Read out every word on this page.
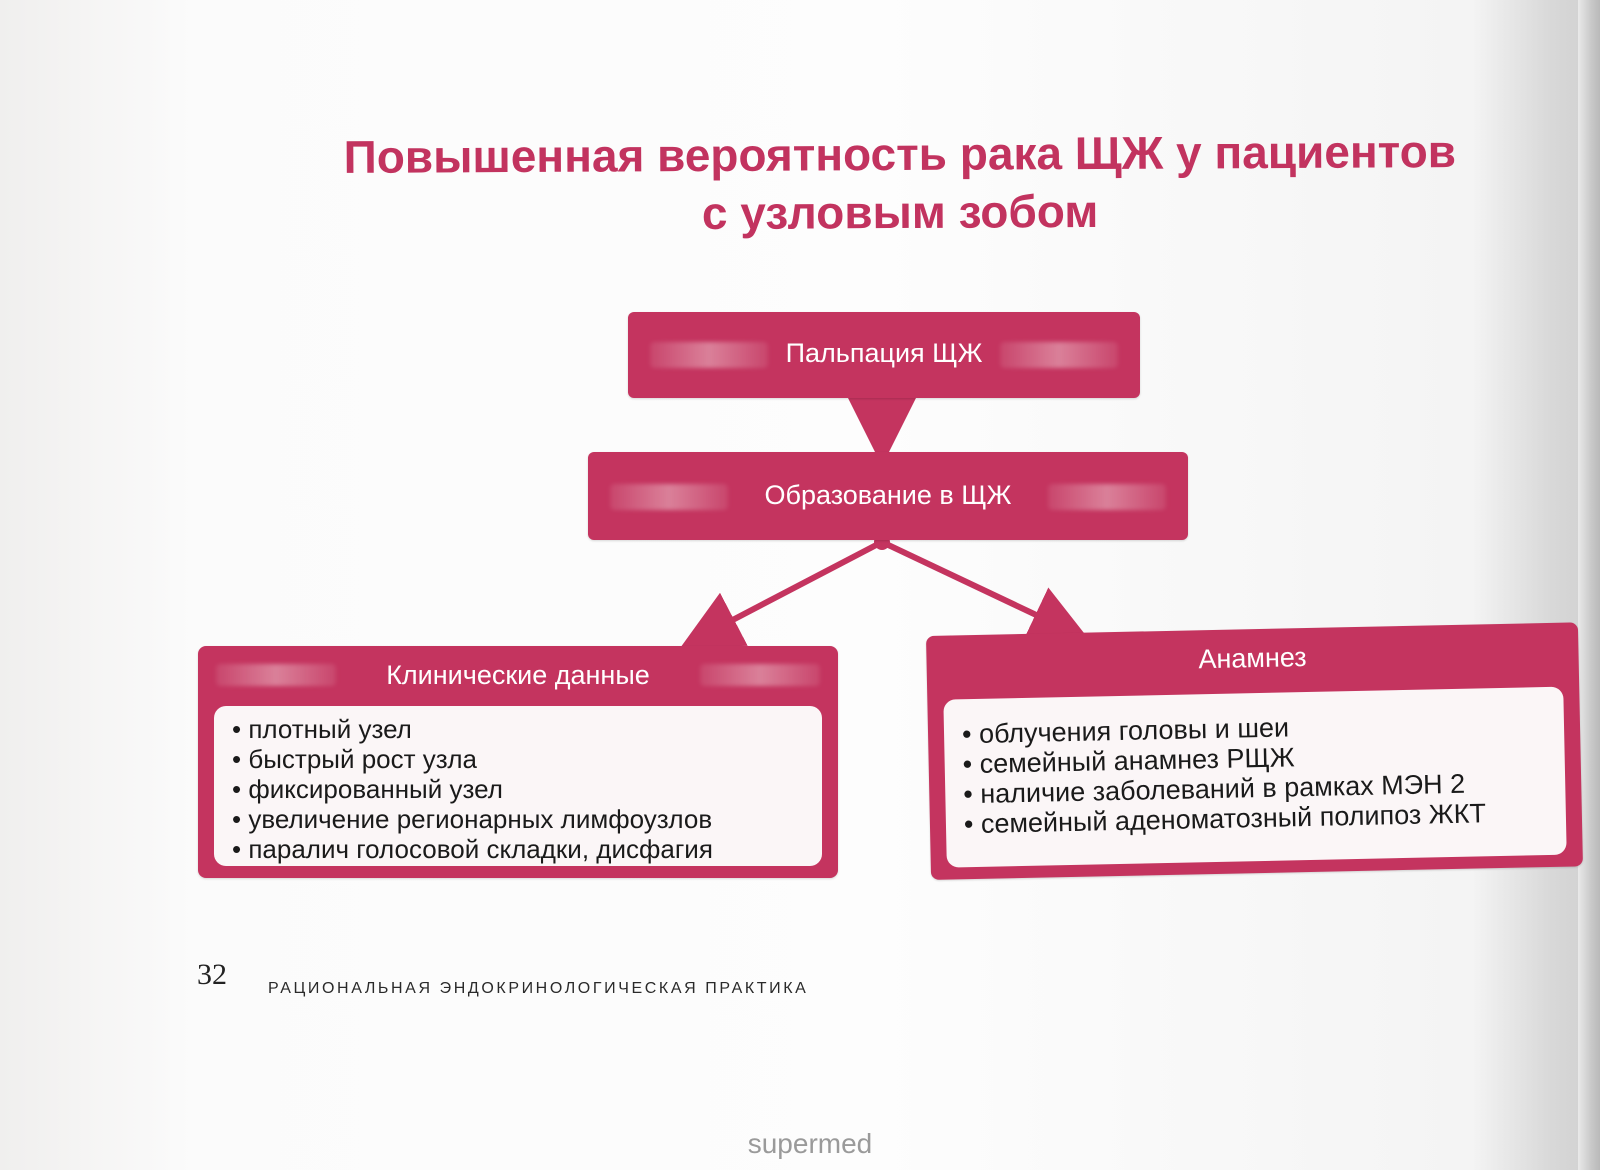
Повышенная вероятность рака ЩЖ у пациентов
с узловым зобом
Пальпация ЩЖ
Образование в ЩЖ
Клинические данные
• плотный узел
• быстрый рост узла
• фиксированный узел
• увеличение регионарных лимфоузлов
• паралич голосовой складки, дисфагия
Анамнез
• облучения головы и шеи
• семейный анамнез РЩЖ
• наличие заболеваний в рамках МЭН 2
• семейный аденоматозный полипоз ЖКТ
32	РАЦИОНАЛЬНАЯ ЭНДОКРИНОЛОГИЧЕСКАЯ ПРАКТИКА
supermed
